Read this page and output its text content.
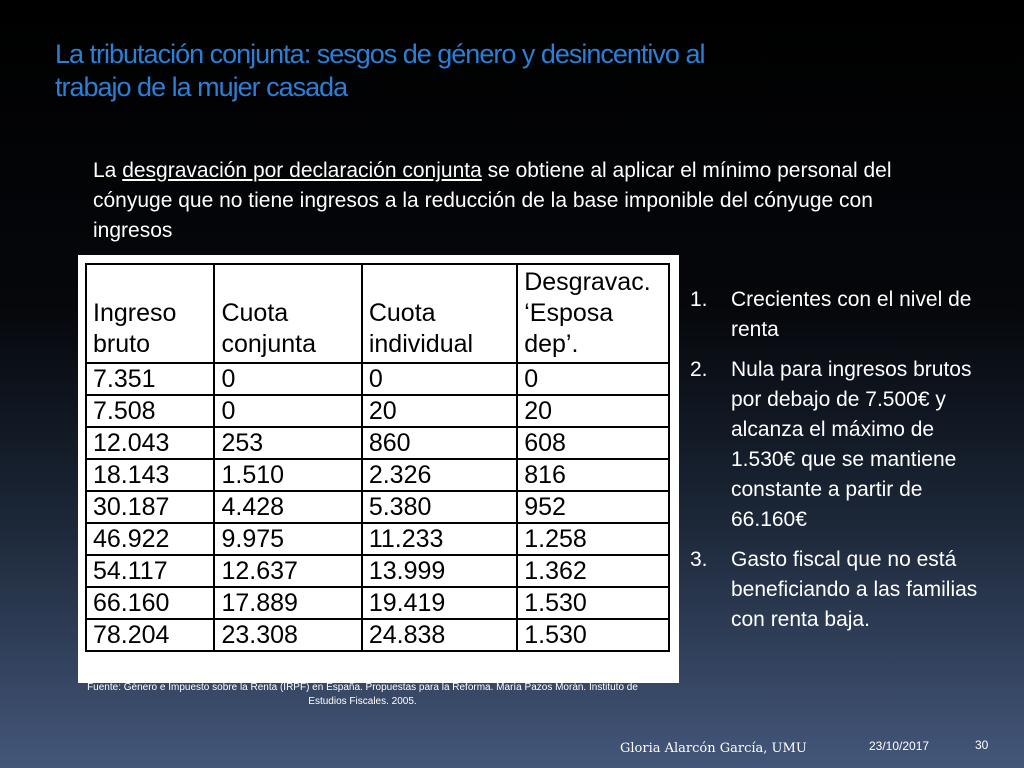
La tributación conjunta: sesgos de género y desincentivo al
trabajo de la mujer casada
La desgravación por declaración conjunta se obtiene al aplicar el mínimo personal del cónyuge que no tiene ingresos a la reducción de la base imponible del cónyuge con ingresos
Ingreso bruto	Cuota conjunta	Cuota individual	Desgravac. ‘Esposa dep’.
7.351	0	0	0
7.508	0	20	20
12.043	253	860	608
18.143	1.510	2.326	816
30.187	4.428	5.380	952
46.922	9.975	11.233	1.258
54.117	12.637	13.999	1.362
66.160	17.889	19.419	1.530
78.204	23.308	24.838	1.530
Fuente: Género e Impuesto sobre la Renta (IRPF) en España. Propuestas para la Reforma. María Pazos Morán. Instituto de Estudios Fiscales. 2005.
1. Crecientes con el nivel de renta
2. Nula para ingresos brutos por debajo de 7.500€ y alcanza el máximo de 1.530€ que se mantiene constante a partir de 66.160€
3. Gasto fiscal que no está beneficiando a las familias con renta baja.
Gloria Alarcón García, UMU	23/10/2017	30
